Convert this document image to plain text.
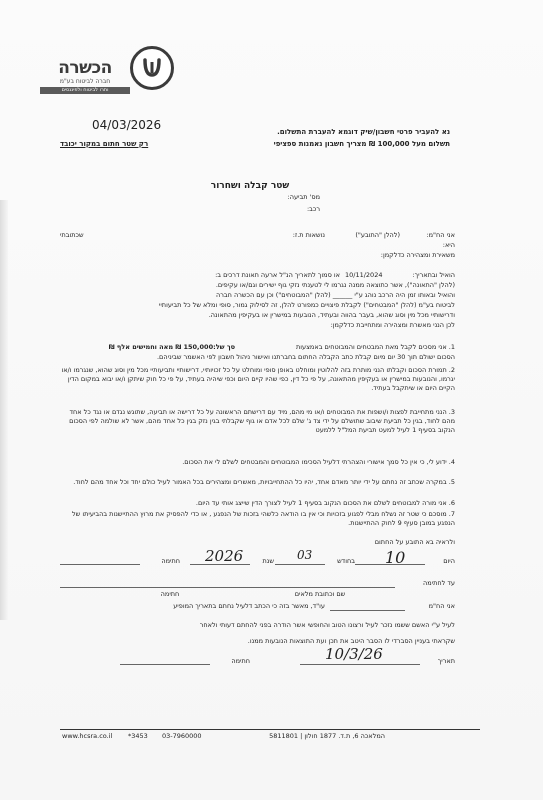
הכשרה
חברה לביטוח בע"מ
ותרו לביטוח ולפיננסים
04/03/2026	נא להעביר פרטי חשבון/שיק דוגמא להעברת התשלום.
תשלום מעל 100,000 ₪ מצריך חשבון נאמנות ספציפי
רק שטר חתום במקור יכובד
שטר קבלה ושחרור
מס' תביעה:
רכב:
אני הח"מ:
(להלן "התובע")
נושאות ת.ז:
שכתובתי
היא:
משאירת ומצהירה כדלקמן:
הואיל ובתאריך:
10/11/2024
או סמוך לתאריך הנ"ל ארעה תאונת דרכים ב:
(להלן "התאונה"), אשר כתוצאה ממנה נגרמו לי לטענתי נזקי גוף ישירים וגם/או עקיפים.
והואיל ובאותו זמן היה הרכב נוהג ע"י ______ (להלן "המבוטחים") וכן עם הכשרה חברה
לביטוח בע"מ (להלן "המבטחים") לקבלת פיצויים כמפורט להלן, זה לסילוק גמור, סופי ומלא של כל תביעותיי
ודרישותיי מכל מין וסוג שהוא, בעבר בהווה ובעתיד, הנובעות במישרין או בעקיפין מהתאונה.
לכן הנני מאשרת ומצהירה ומתחייבת כדלקמן:
1. אני מסכים לקבל מאת המבטחים והמבוטחים באמצעות
סך של:150,000 ₪ מאה וחמישים אלף ₪
הסכום ישולם תוך 30 יום מיום קבלת כתב הקבלה החתום בחברתנו ואישור ניהול חשבון לפי האשמר שביניהם.
2. תמורת הסכום וקבלתו הנני מותרת בזה להלוטין ומוחלט באופן סופי ומוחלט על כל זכויותיי, דרישותיי ותביעותיי מכל מין וסוג שהוא, שנגרמו ו/או יגרמו, והנובעות במישרין או בעקיפין מהתאונה, על פי כל דין, כפי שהיו קיים היום וכפי שיהיה בעתיד, על פי כל חוק שיתקן ו/או יבוא במקום הדין הקיים היום או שיתקבל בעתיד.
3. הנני מתחייבת לפצות ו/ושפות את המבוטחים ו/או מי מהם, מיד עם דרישתם הראשונה על כל דרישה או תביעה, שתוגש נגדם או נגד כל אחד מהם לחוד, בגין כל תביעת שיבוב שתושלם על ידי צד ג' שלם לכל אדם או גוף שקבלתי בגין נזק בגין כל אחד מהם, אשר לא שולמה לפי הסכום הנקוב בסעיף 1 לעיל למעט תביעת המל"ל ללמעט
4. ידוע לי, כי אין כל סמך אישורי והצהרתי דלעיל הסכימו המבוטחים והמבטחים לשלם לי את הסכום.
5. במקרה שכתב זה נחתם על ידי יותר מאדם אחד, יהיו כל ההתחייבויות, מאשרים ומצהירים בכל האמור לעיל כולם יחד וכל אחד מהם לחוד.
6. אני מורה למבוטחים לשלם את הסכום הנקוב בסעיף 1 לעיל לצורך הדין שייצג אותי עד היום.
7. מוסכם כי שטר זה נשלח מבלי לפגוע בזכויות וכי אין בו הודאה כלשהי בזכות של הנפגע , או כדי להפסיק את מרוץ ההתיישנות בהביעיתו של הנפגע במובן סעיף 9 לחוק ההתיישנות.
ולראיה בא התובע על החתום
היום
10
בחודש
03
שנת
2026
חתימה
עד לחתימה
שם וכתובת מלאים
חתימה
אני הח"מ
עו"ד, מאשר בזה כי הכתב דלעיל נחתם בתאריך המופיע
לעיל ע"י האשם ששמו נזכר לעיל ורצונו הטוב והחופשי אשר הודרה בפני להחתם דעותי ולאחר
שקראתי בעניין הסברדי לו הסבר היטב את תכן ועת התוצאות הנובעות ממנו.
תאריך
10/3/26
חתימה
www.hcsra.co.il	*3453	03-7960000	המלאכה 6, ת.ד. 1877 חולון | 5811801
